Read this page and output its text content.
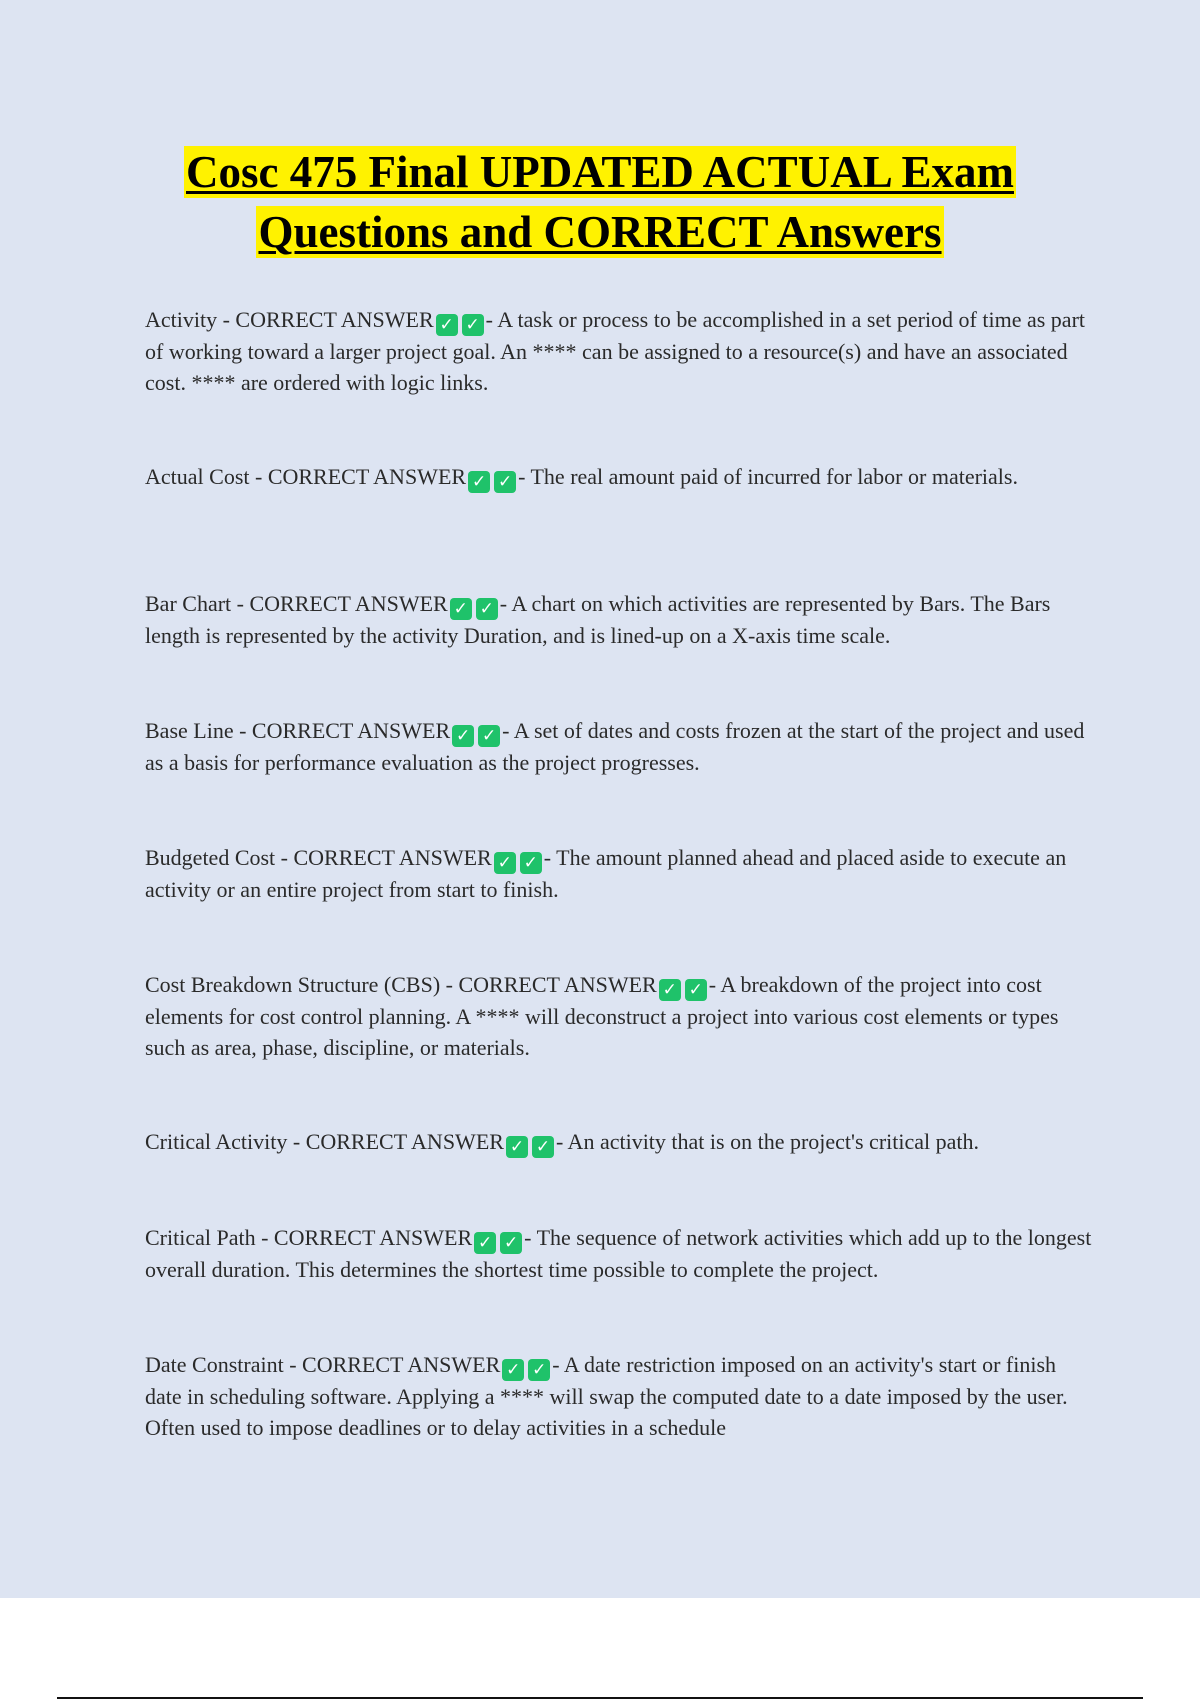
Cosc 475 Final UPDATED ACTUAL Exam
Questions and CORRECT Answers

Activity - CORRECT ANSWER ✓ ✓ - A task or process to be accomplished in a set period of time as part of working toward a larger project goal. An **** can be assigned to a resource(s) and have an associated cost. **** are ordered with logic links.

Actual Cost - CORRECT ANSWER ✓ ✓ - The real amount paid of incurred for labor or materials.

Bar Chart - CORRECT ANSWER ✓ ✓ - A chart on which activities are represented by Bars. The Bars length is represented by the activity Duration, and is lined-up on a X-axis time scale.

Base Line - CORRECT ANSWER ✓ ✓ - A set of dates and costs frozen at the start of the project and used as a basis for performance evaluation as the project progresses.

Budgeted Cost - CORRECT ANSWER ✓ ✓ - The amount planned ahead and placed aside to execute an activity or an entire project from start to finish.

Cost Breakdown Structure (CBS) - CORRECT ANSWER ✓ ✓ - A breakdown of the project into cost elements for cost control planning. A **** will deconstruct a project into various cost elements or types such as area, phase, discipline, or materials.

Critical Activity - CORRECT ANSWER ✓ ✓ - An activity that is on the project's critical path.

Critical Path - CORRECT ANSWER ✓ ✓ - The sequence of network activities which add up to the longest overall duration. This determines the shortest time possible to complete the project.

Date Constraint - CORRECT ANSWER ✓ ✓ - A date restriction imposed on an activity's start or finish date in scheduling software. Applying a **** will swap the computed date to a date imposed by the user. Often used to impose deadlines or to delay activities in a schedule
